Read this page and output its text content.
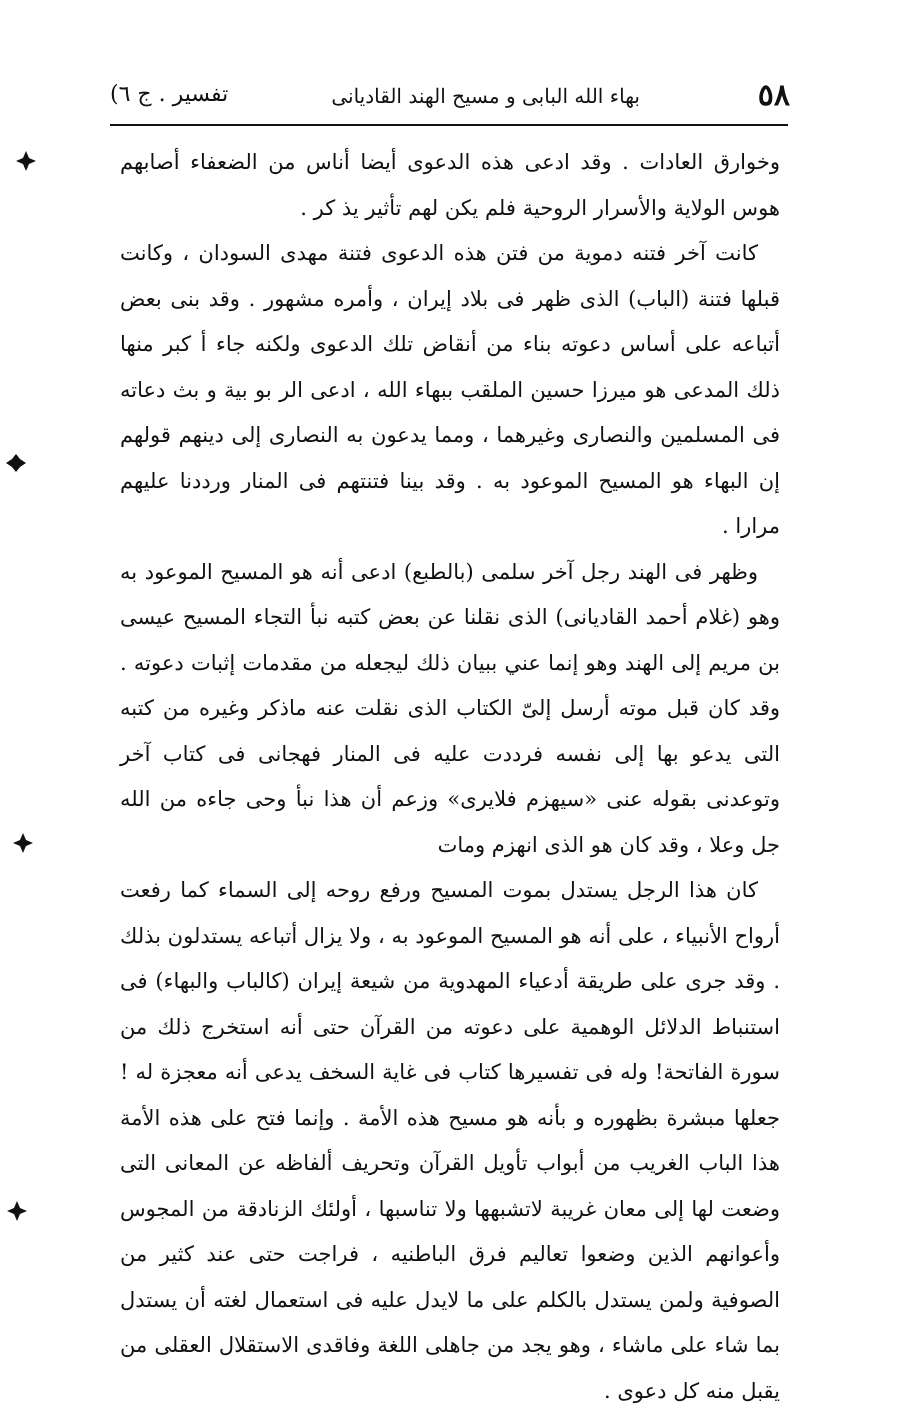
٥٨
بهاء الله البابى و مسيح الهند القاديانى
تفسير . ج ٦)

وخوارق العادات . وقد ادعى هذه الدعوى أيضا أناس من الضعفاء أصابهم هوس الولاية والأسرار الروحية فلم يكن لهم تأثير يذ كر .

كانت آخر فتنه دموية من فتن هذه الدعوى فتنة مهدى السودان ، وكانت قبلها فتنة (الباب) الذى ظهر فى بلاد إيران ، وأمره مشهور . وقد بنى بعض أتباعه على أساس دعوته بناء من أنقاض تلك الدعوى ولكنه جاء أ كبر منها ذلك المدعى هو ميرزا حسين الملقب ببهاء الله ، ادعى الر بو بية و بث دعاته فى المسلمين والنصارى وغيرهما ، ومما يدعون به النصارى إلى دينهم قولهم إن البهاء هو المسيح الموعود به . وقد بينا فتنتهم فى المنار ورددنا عليهم مرارا .

وظهر فى الهند رجل آخر سلمى (بالطبع) ادعى أنه هو المسيح الموعود به وهو (غلام أحمد القاديانى) الذى نقلنا عن بعض كتبه نبأ التجاء المسيح عيسى بن مريم إلى الهند وهو إنما عني ببيان ذلك ليجعله من مقدمات إثبات دعوته . وقد كان قبل موته أرسل إلىّ الكتاب الذى نقلت عنه ماذكر وغيره من كتبه التى يدعو بها إلى نفسه فرددت عليه فى المنار فهجانى فى كتاب آخر وتوعدنى بقوله عنى «سيهزم فلايرى» وزعم أن هذا نبأ وحى جاءه من الله جل وعلا ، وقد كان هو الذى انهزم ومات

كان هذا الرجل يستدل بموت المسيح ورفع روحه إلى السماء كما رفعت أرواح الأنبياء ، على أنه هو المسيح الموعود به ، ولا يزال أتباعه يستدلون بذلك . وقد جرى على طريقة أدعياء المهدوية من شيعة إيران (كالباب والبهاء) فى استنباط الدلائل الوهمية على دعوته من القرآن حتى أنه استخرج ذلك من سورة الفاتحة! وله فى تفسيرها كتاب فى غاية السخف يدعى أنه معجزة له ! جعلها مبشرة بظهوره و بأنه هو مسيح هذه الأمة . وإنما فتح على هذه الأمة هذا الباب الغريب من أبواب تأويل القرآن وتحريف ألفاظه عن المعانى التى وضعت لها إلى معان غريبة لاتشبهها ولا تناسبها ، أولئك الزنادقة من المجوس وأعوانهم الذين وضعوا تعاليم فرق الباطنيه ، فراجت حتى عند كثير من الصوفية ولمن يستدل بالكلم على ما لايدل عليه فى استعمال لغته أن يستدل بما شاء على ماشاء ، وهو يجد من جاهلى اللغة وفاقدى الاستقلال العقلى من يقبل منه كل دعوى .
